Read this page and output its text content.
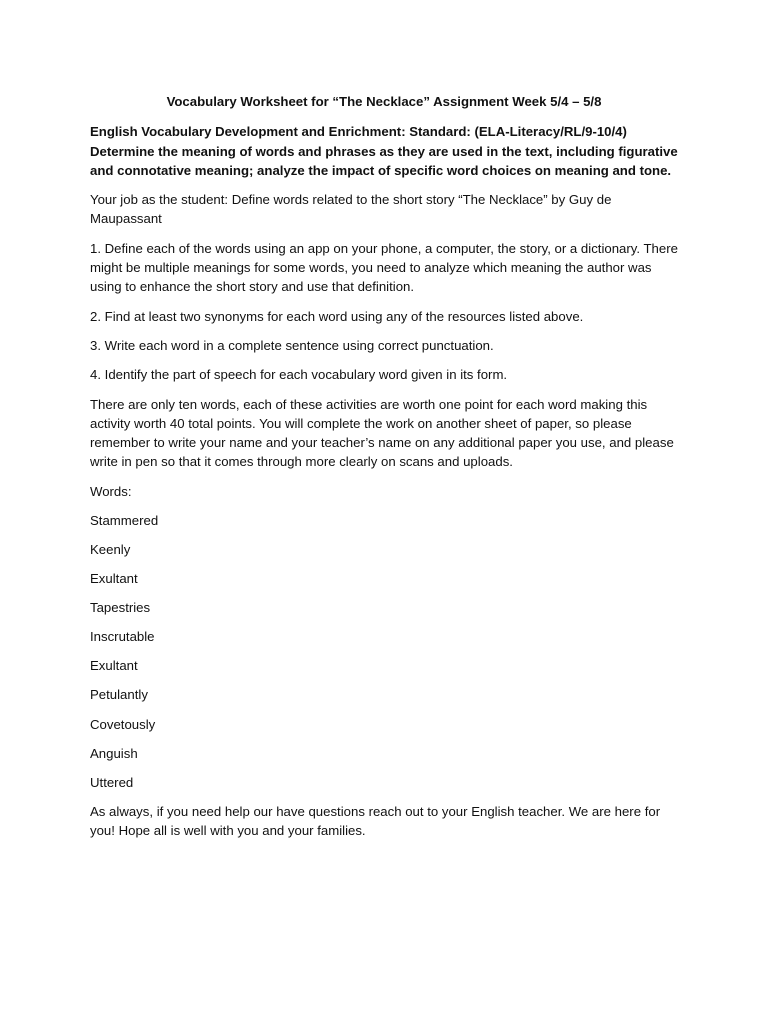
Vocabulary Worksheet for “The Necklace” Assignment Week 5/4 – 5/8

English Vocabulary Development and Enrichment: Standard: (ELA-Literacy/RL/9-10/4) Determine the meaning of words and phrases as they are used in the text, including figurative and connotative meaning; analyze the impact of specific word choices on meaning and tone.

Your job as the student: Define words related to the short story “The Necklace” by Guy de Maupassant

1. Define each of the words using an app on your phone, a computer, the story, or a dictionary. There might be multiple meanings for some words, you need to analyze which meaning the author was using to enhance the short story and use that definition.

2. Find at least two synonyms for each word using any of the resources listed above.

3. Write each word in a complete sentence using correct punctuation.

4. Identify the part of speech for each vocabulary word given in its form.

There are only ten words, each of these activities are worth one point for each word making this activity worth 40 total points. You will complete the work on another sheet of paper, so please remember to write your name and your teacher’s name on any additional paper you use, and please write in pen so that it comes through more clearly on scans and uploads.

Words:
Stammered
Keenly
Exultant
Tapestries
Inscrutable
Exultant
Petulantly
Covetously
Anguish
Uttered

As always, if you need help our have questions reach out to your English teacher. We are here for you! Hope all is well with you and your families.
